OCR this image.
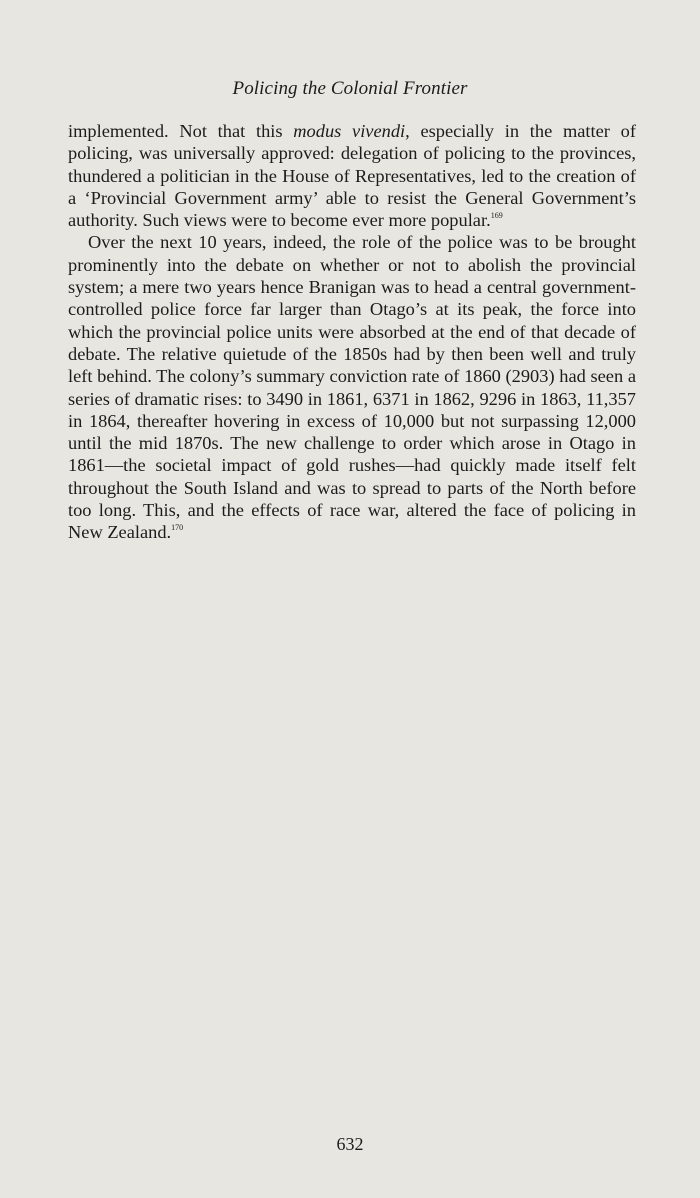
Policing the Colonial Frontier

implemented. Not that this modus vivendi, especially in the matter of policing, was universally approved: delegation of policing to the provinces, thundered a politician in the House of Representatives, led to the creation of a ‘Provincial Government army’ able to resist the General Government’s authority. Such views were to become ever more popular.$^{169}$

Over the next 10 years, indeed, the role of the police was to be brought prominently into the debate on whether or not to abolish the provincial system; a mere two years hence Branigan was to head a central government-controlled police force far larger than Otago’s at its peak, the force into which the provincial police units were absorbed at the end of that decade of debate. The relative quietude of the 1850s had by then been well and truly left behind. The colony’s summary conviction rate of 1860 (2903) had seen a series of dramatic rises: to 3490 in 1861, 6371 in 1862, 9296 in 1863, 11,357 in 1864, thereafter hovering in excess of 10,000 but not surpassing 12,000 until the mid 1870s. The new challenge to order which arose in Otago in 1861—the societal impact of gold rushes—had quickly made itself felt throughout the South Island and was to spread to parts of the North before too long. This, and the effects of race war, altered the face of policing in New Zealand.$^{170}$

632
